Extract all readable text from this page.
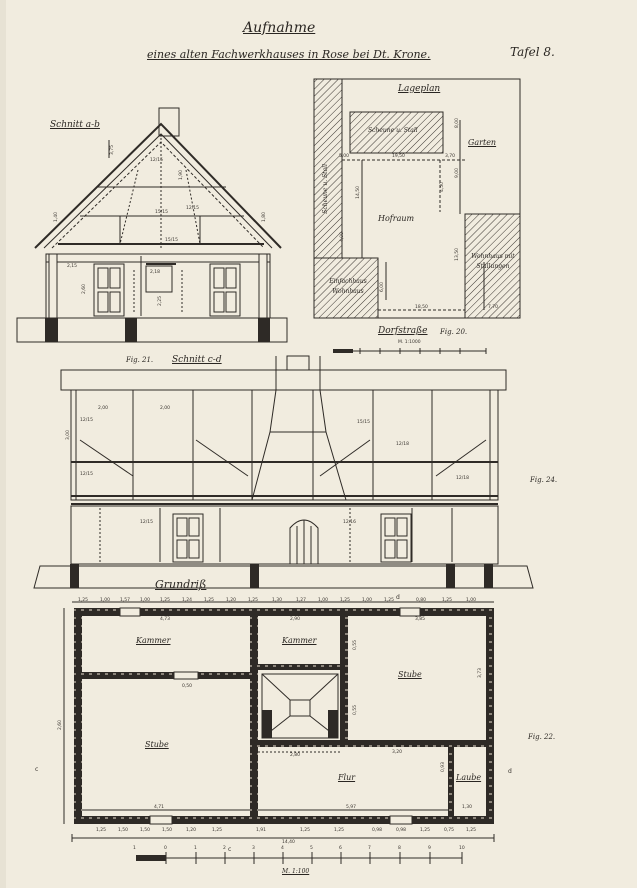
Aufnahme
eines alten Fachwerkhauses in Rose bei Dt. Krone.	Tafel 8.
Schnitt a-b
12/15
12/15
15/15
15/15
3,75
1,90
2,60
2,25
2,15
2,18
1,40	1,80
Lageplan
Scheune u. Stall
Garten
Hofraum
Scheune u. Stall
Einfachhaus Wohnhaus
Wohnhaus mit Stallungen
Dorfstraße Fig. 20.
M. 1:1000
5,00	19,50	3,70
8,00
14,50
13,50
9,00
4,00
6,00
18,50	7,70
4,50
Fig. 21. Schnitt c-d
Fig. 24.
12/15	15/15
12/18
12/18
12/15
12/16
12/15
2,00
2,00
3,00
Grundriß
Kammer	Kammer
Stube
Stube
Flur	Laube
Fig. 22.
c	d
c
d
1,25	1,00 1,57 1,00 1,25	1,24	1,25	1,20	1,25	1,30	1,27	1,00	1,25	1,00	1,25	0,80	1,25	1,00
1,25	1,50	1,50	1,50	1,20	1,25	1,91	1,25	1,25	0,98	0,98	1,25	0,75	1,25
14,40
4,73	2,90	3,85
0,50
0,55
0,55
4,71
3,73
3,20
2,80
5,97	1,30
2,60
0,93
1	0	1	2	3	4	5	6	7	8	9	10
M. 1:100
